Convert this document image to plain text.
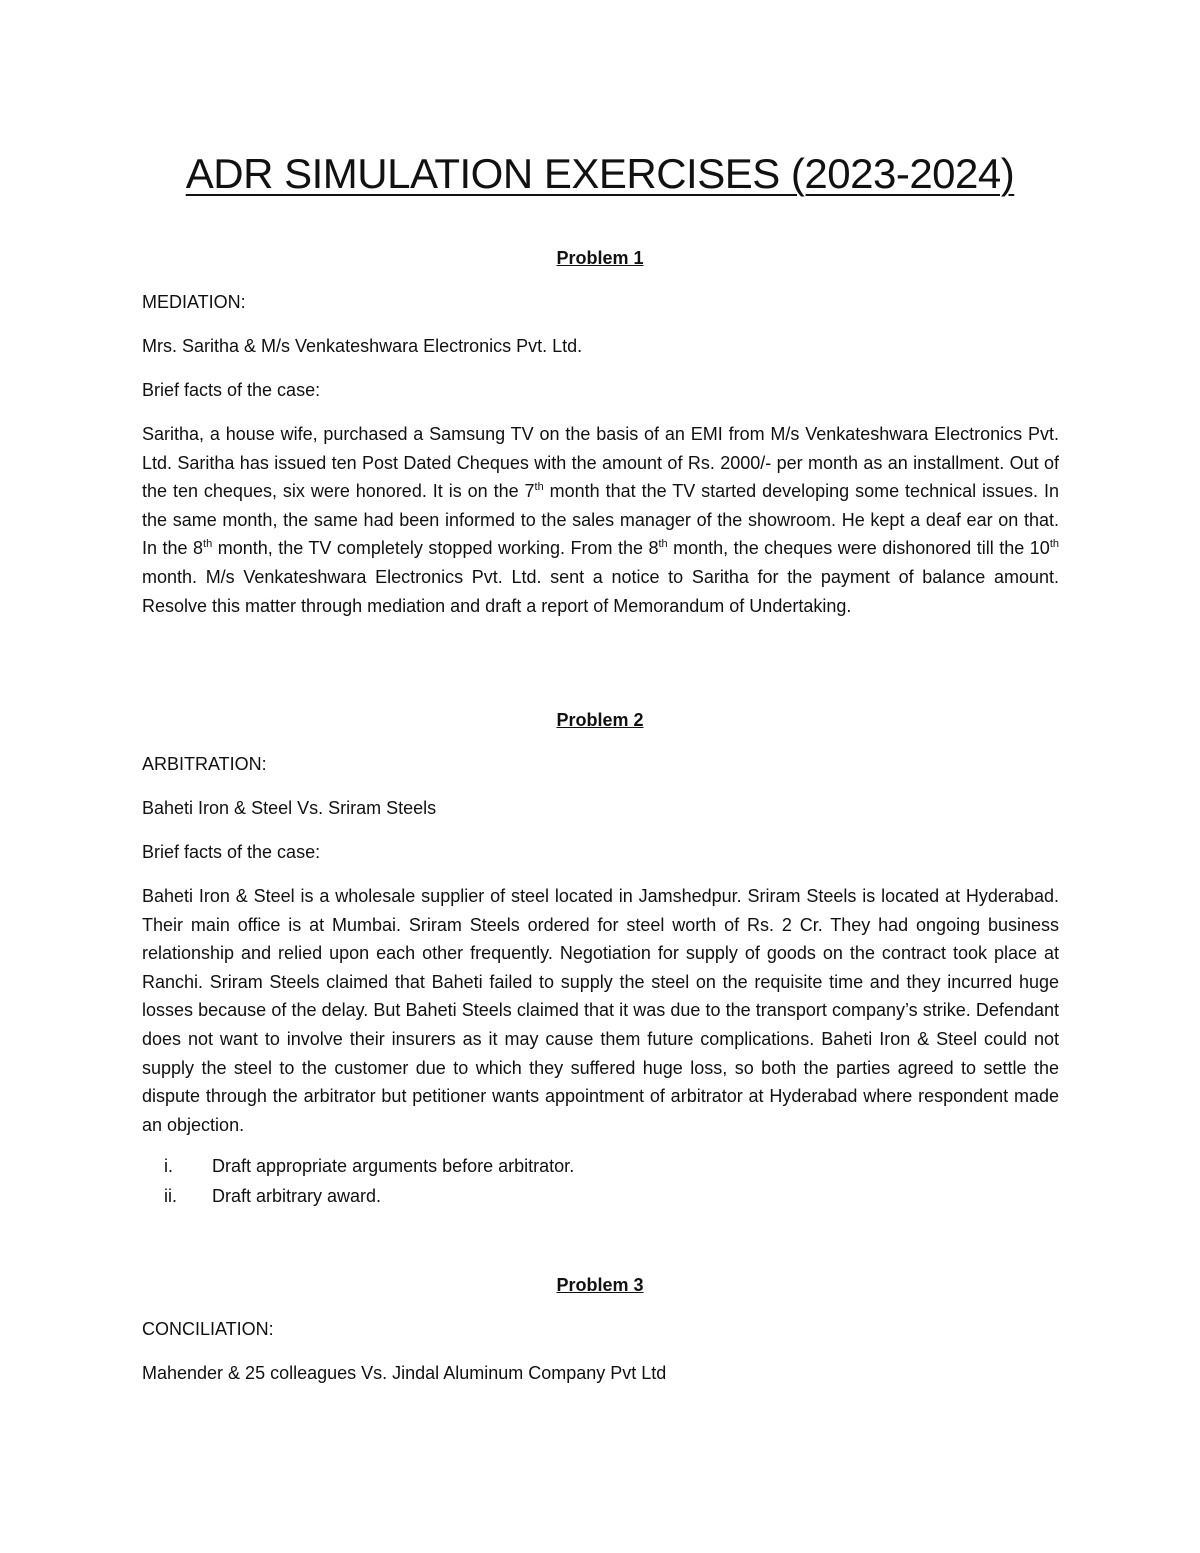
ADR SIMULATION EXERCISES (2023-2024)

Problem 1

MEDIATION:

Mrs. Saritha & M/s Venkateshwara Electronics Pvt. Ltd.

Brief facts of the case:

Saritha, a house wife, purchased a Samsung TV on the basis of an EMI from M/s Venkateshwara Electronics Pvt. Ltd. Saritha has issued ten Post Dated Cheques with the amount of Rs. 2000/- per month as an installment. Out of the ten cheques, six were honored. It is on the 7th month that the TV started developing some technical issues. In the same month, the same had been informed to the sales manager of the showroom. He kept a deaf ear on that. In the 8th month, the TV completely stopped working. From the 8th month, the cheques were dishonored till the 10th month. M/s Venkateshwara Electronics Pvt. Ltd. sent a notice to Saritha for the payment of balance amount. Resolve this matter through mediation and draft a report of Memorandum of Undertaking.

Problem 2

ARBITRATION:

Baheti Iron & Steel Vs. Sriram Steels

Brief facts of the case:

Baheti Iron & Steel is a wholesale supplier of steel located in Jamshedpur. Sriram Steels is located at Hyderabad. Their main office is at Mumbai. Sriram Steels ordered for steel worth of Rs. 2 Cr. They had ongoing business relationship and relied upon each other frequently. Negotiation for supply of goods on the contract took place at Ranchi. Sriram Steels claimed that Baheti failed to supply the steel on the requisite time and they incurred huge losses because of the delay. But Baheti Steels claimed that it was due to the transport company’s strike. Defendant does not want to involve their insurers as it may cause them future complications. Baheti Iron & Steel could not supply the steel to the customer due to which they suffered huge loss, so both the parties agreed to settle the dispute through the arbitrator but petitioner wants appointment of arbitrator at Hyderabad where respondent made an objection.

i. Draft appropriate arguments before arbitrator.

ii. Draft arbitrary award.

Problem 3

CONCILIATION:

Mahender & 25 colleagues Vs. Jindal Aluminum Company Pvt Ltd
